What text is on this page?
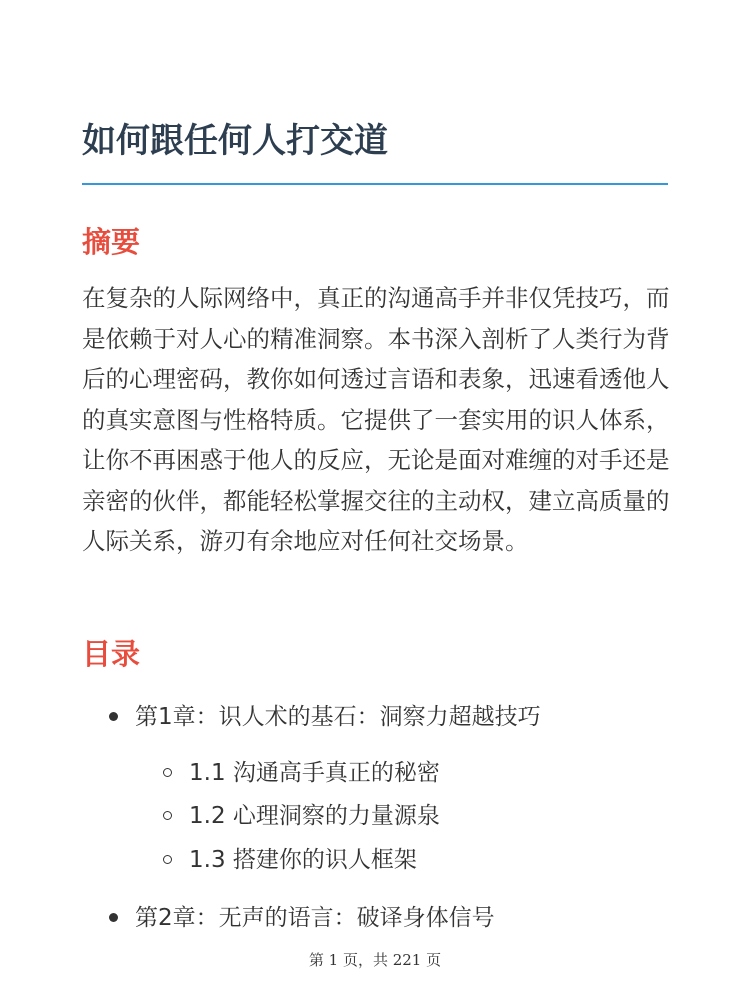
如何跟任何人打交道
摘要

在复杂的人际网络中，真正的沟通高手并非仅凭技巧，而是依赖于对人心的精准洞察。本书深入剖析了人类行为背后的心理密码，教你如何透过言语和表象，迅速看透他人的真实意图与性格特质。它提供了一套实用的识人体系，让你不再困惑于他人的反应，无论是面对难缠的对手还是亲密的伙伴，都能轻松掌握交往的主动权，建立高质量的人际关系，游刃有余地应对任何社交场景。

目录
第1章：识人术的基石：洞察力超越技巧
1.1 沟通高手真正的秘密
1.2 心理洞察的力量源泉
1.3 搭建你的识人框架
第2章：无声的语言：破译身体信号
第 1 页，共 221 页
